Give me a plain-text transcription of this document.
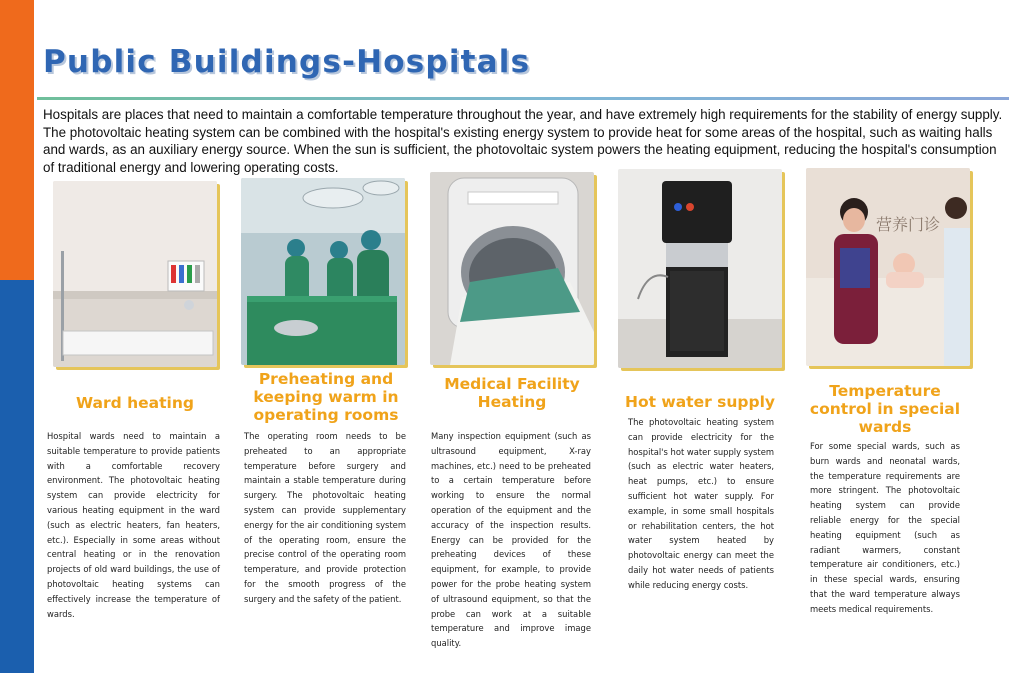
Public Buildings-Hospitals

Hospitals are places that need to maintain a comfortable temperature throughout the year, and have extremely high requirements for the stability of energy supply. The photovoltaic heating system can be combined with the hospital's existing energy system to provide heat for some areas of the hospital, such as waiting halls and wards, as an auxiliary energy source. When the sun is sufficient, the photovoltaic system powers the heating equipment, reducing the hospital's consumption of traditional energy and lowering operating costs.

Ward heating

Hospital wards need to maintain a suitable temperature to provide patients with a comfortable recovery environment. The photovoltaic heating system can provide electricity for various heating equipment in the ward (such as electric heaters, fan heaters, etc.). Especially in some areas without central heating or in the renovation projects of old ward buildings, the use of photovoltaic heating systems can effectively increase the temperature of wards.

Preheating and keeping warm in operating rooms

The operating room needs to be preheated to an appropriate temperature before surgery and maintain a stable temperature during surgery. The photovoltaic heating system can provide supplementary energy for the air conditioning system of the operating room, ensure the precise control of the operating room temperature, and provide protection for the smooth progress of the surgery and the safety of the patient.

Medical Facility Heating

Many inspection equipment (such as ultrasound equipment, X-ray machines, etc.) need to be preheated to a certain temperature before working to ensure the normal operation of the equipment and the accuracy of the inspection results. Energy can be provided for the preheating devices of these equipment, for example, to provide power for the probe heating system of ultrasound equipment, so that the probe can work at a suitable temperature and improve image quality.

Hot water supply

The photovoltaic heating system can provide electricity for the hospital's hot water supply system (such as electric water heaters, heat pumps, etc.) to ensure sufficient hot water supply. For example, in some small hospitals or rehabilitation centers, the hot water system heated by photovoltaic energy can meet the daily hot water needs of patients while reducing energy costs.

营养门诊
Temperature control in special wards

For some special wards, such as burn wards and neonatal wards, the temperature requirements are more stringent. The photovoltaic heating system can provide reliable energy for the special heating equipment (such as radiant warmers, constant temperature air conditioners, etc.) in these special wards, ensuring that the ward temperature always meets medical requirements.
